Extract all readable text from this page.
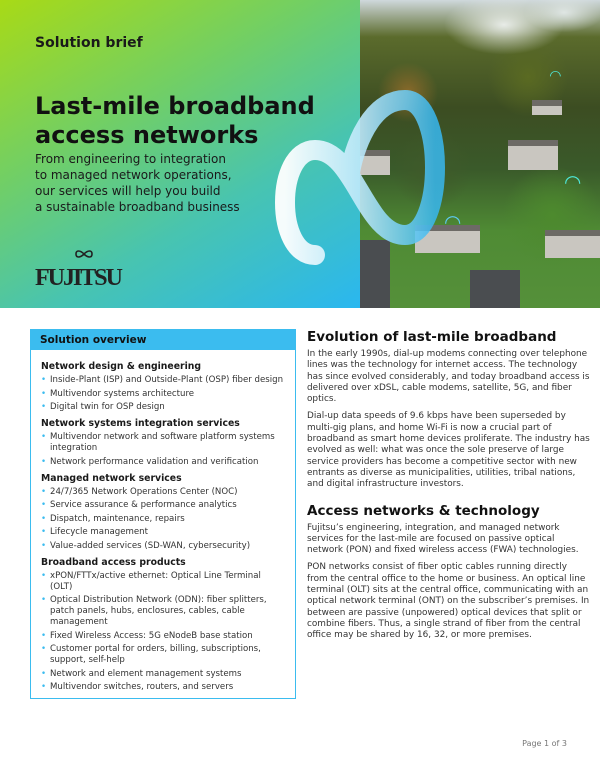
◠
◠
◠
Solution brief
Last-mile broadband access networks
From engineering to integration
to managed network operations,
our services will help you build
a sustainable broadband business
FUJITSU
Solution overview
Network design & engineering
• Inside-Plant (ISP) and Outside-Plant (OSP) fiber design
• Multivendor systems architecture
• Digital twin for OSP design
Network systems integration services
• Multivendor network and software platform systems integration
• Network performance validation and verification
Managed network services
• 24/7/365 Network Operations Center (NOC)
• Service assurance & performance analytics
• Dispatch, maintenance, repairs
• Lifecycle management
• Value-added services (SD-WAN, cybersecurity)
Broadband access products
• xPON/FTTx/active ethernet: Optical Line Terminal (OLT)
• Optical Distribution Network (ODN): fiber splitters, patch panels, hubs, enclosures, cables, cable management
• Fixed Wireless Access: 5G eNodeB base station
• Customer portal for orders, billing, subscriptions, support, self-help
• Network and element management systems
• Multivendor switches, routers, and servers
Evolution of last-mile broadband

In the early 1990s, dial-up modems connecting over telephone lines was the technology for internet access. The technology has since evolved considerably, and today broadband access is delivered over xDSL, cable modems, satellite, 5G, and fiber optics.

Dial-up data speeds of 9.6 kbps have been superseded by multi-gig plans, and home Wi-Fi is now a crucial part of broadband as smart home devices proliferate. The industry has evolved as well: what was once the sole preserve of large service providers has become a competitive sector with new entrants as diverse as municipalities, utilities, tribal nations, and digital infrastructure investors.

Access networks & technology

Fujitsu’s engineering, integration, and managed network services for the last-mile are focused on passive optical network (PON) and fixed wireless access (FWA) technologies.

PON networks consist of fiber optic cables running directly from the central office to the home or business. An optical line terminal (OLT) sits at the central office, communicating with an optical network terminal (ONT) on the subscriber’s premises. In between are passive (unpowered) optical devices that split or combine fibers. Thus, a single strand of fiber from the central office may be shared by 16, 32, or more premises.

Page 1 of 3
